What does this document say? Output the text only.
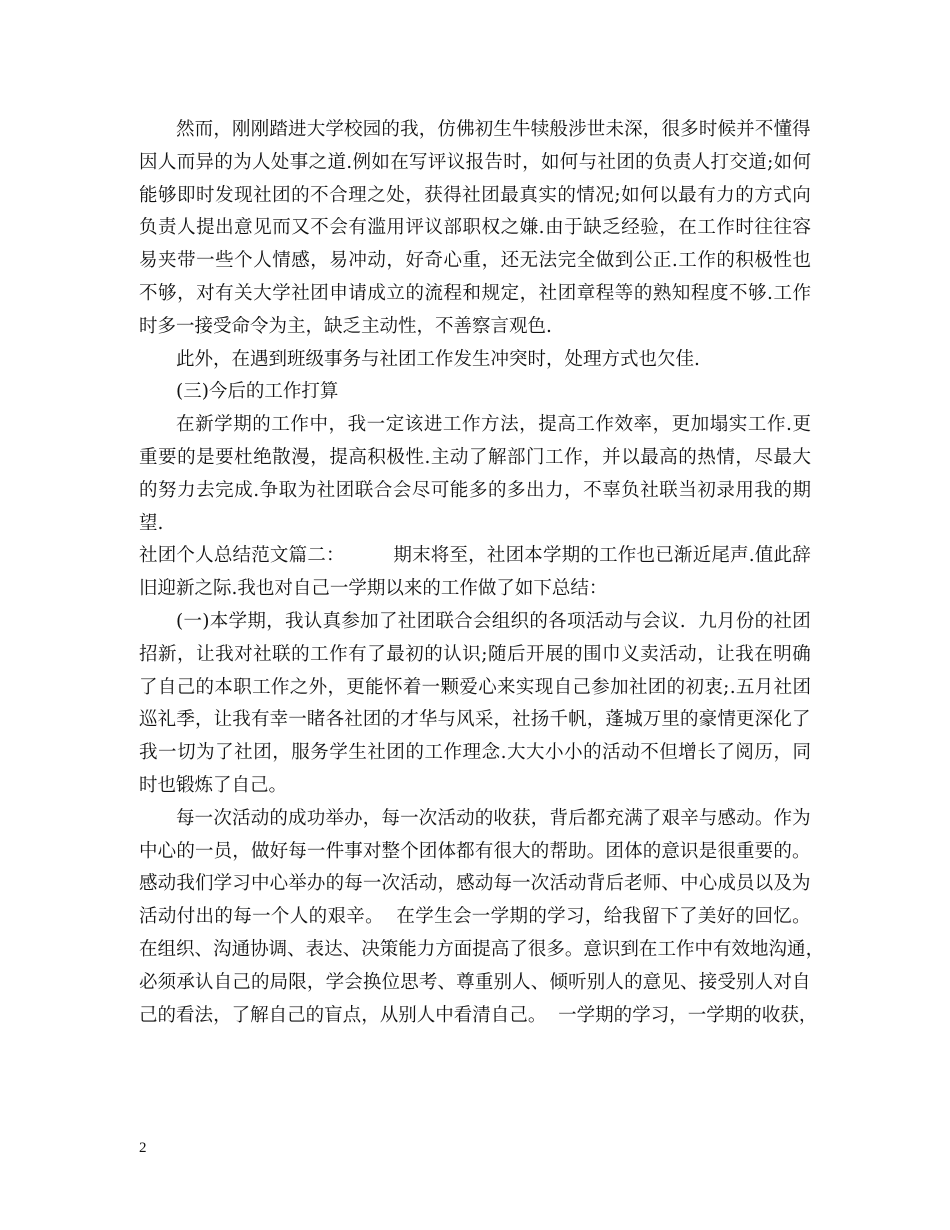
然 而 ， 刚 刚 踏 进 大 学 校 园 的 我 ， 仿 佛 初 生 牛 犊 般 涉 世 未 深 ， 很 多 时 候 并 不 懂 得
因 人 而 异 的 为 人 处 事 之 道 . 例 如 在 写 评 议 报 告 时 ， 如 何 与 社 团 的 负 责 人 打 交 道 ; 如 何
能 够 即 时 发 现 社 团 的 不 合 理 之 处 ， 获 得 社 团 最 真 实 的 情 况 ; 如 何 以 最 有 力 的 方 式 向
负 责 人 提 出 意 见 而 又 不 会 有 滥 用 评 议 部 职 权 之 嫌 . 由 于 缺 乏 经 验 ， 在 工 作 时 往 往 容
易 夹 带 一 些 个 人 情 感 ， 易 冲 动 ， 好 奇 心 重 ， 还 无 法 完 全 做 到 公 正 . 工 作 的 积 极 性 也
不 够 ， 对 有 关 大 学 社 团 申 请 成 立 的 流 程 和 规 定 ， 社 团 章 程 等 的 熟 知 程 度 不 够 . 工 作
时多一接受命令为主，缺乏主动性，不善察言观色.
此外，在遇到班级事务与社团工作发生冲突时，处理方式也欠佳.
(三)今后的工作打算
在 新 学 期 的 工 作 中 ， 我 一 定 该 进 工 作 方 法 ， 提 高 工 作 效 率 ， 更 加 塌 实 工 作 . 更
重 要 的 是 要 杜 绝 散 漫 ， 提 高 积 极 性 . 主 动 了 解 部 门 工 作 ， 并 以 最 高 的 热 情 ， 尽 最 大
的 努 力 去 完 成 . 争 取 为 社 团 联 合 会 尽 可 能 多 的 多 出 力 ， 不 辜 负 社 联 当 初 录 用 我 的 期
望.
社 团 个 人 总 结 范 文 篇 二 ：

	期 末 将 至 ， 社 团 本 学 期 的 工 作 也 已 渐 近 尾 声 . 值 此 辞
旧迎新之际.我也对自己一学期以来的工作做了如下总结：
( 一 ) 本 学 期 ， 我 认 真 参 加 了 社 团 联 合 会 组 织 的 各 项 活 动 与 会 议 .

九 月 份 的 社 团
招 新 ， 让 我 对 社 联 的 工 作 有 了 最 初 的 认 识 ; 随 后 开 展 的 围 巾 义 卖 活 动 ， 让 我 在 明 确
了 自 己 的 本 职 工 作 之 外 ， 更 能 怀 着 一 颗 爱 心 来 实 现 自 己 参 加 社 团 的 初 衷 ; . 五 月 社 团
巡 礼 季 ， 让 我 有 幸 一 睹 各 社 团 的 才 华 与 风 采 ， 社 扬 千 帆 ， 蓬 城 万 里 的 豪 情 更 深 化 了
我 一 切 为 了 社 团 ， 服 务 学 生 社 团 的 工 作 理 念 . 大 大 小 小 的 活 动 不 但 增 长 了 阅 历 ， 同
时也锻炼了自己。
每 一 次 活 动 的 成 功 举 办 ， 每 一 次 活 动 的 收 获 ， 背 后 都 充 满 了 艰 辛 与 感 动 。 作 为
中 心 的 一 员 ， 做 好 每 一 件 事 对 整 个 团 体 都 有 很 大 的 帮 助 。 团 体 的 意 识 是 很 重 要 的 。
感 动 我 们 学 习 中 心 举 办 的 每 一 次 活 动 ， 感 动 每 一 次 活 动 背 后 老 师 、 中 心 成 员 以 及 为
活 动 付 出 的 每 一 个 人 的 艰 辛 。

在 学 生 会 一 学 期 的 学 习 ， 给 我 留 下 了 美 好 的 回 忆 。
在 组 织 、 沟 通 协 调 、 表 达 、 决 策 能 力 方 面 提 高 了 很 多 。 意 识 到 在 工 作 中 有 效 地 沟 通 ，
必 须 承 认 自 己 的 局 限 ， 学 会 换 位 思 考 、 尊 重 别 人 、 倾 听 别 人 的 意 见 、 接 受 别 人 对 自
己 的 看 法 ， 了 解 自 己 的 盲 点 ， 从 别 人 中 看 清 自 己 。

一 学 期 的 学 习 ， 一 学 期 的 收 获 ，
2
